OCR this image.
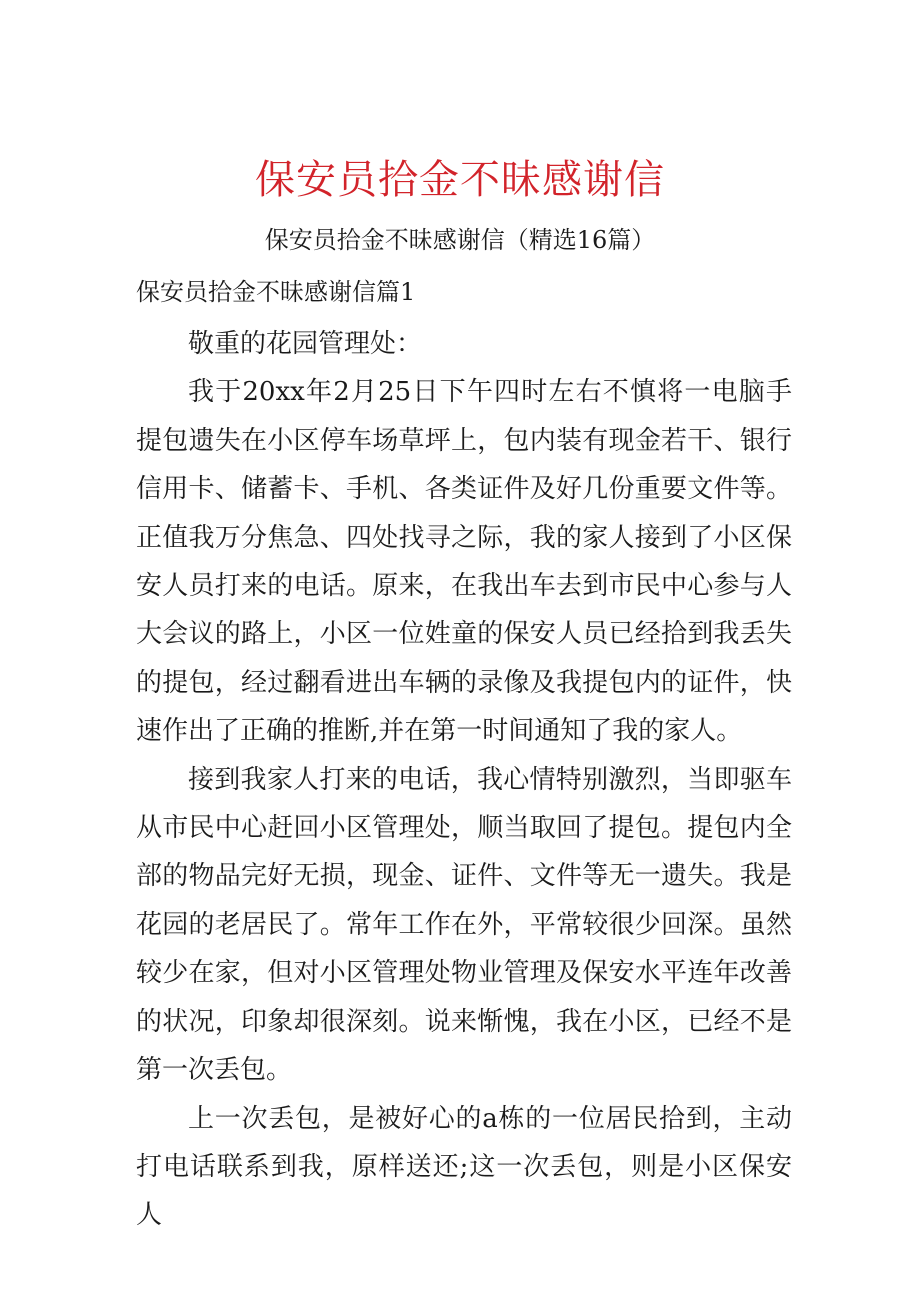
保安员拾金不昧感谢信
保安员拾金不昧感谢信（精选16篇）
保安员拾金不昧感谢信篇1

敬重的花园管理处：

我于20xx年2月25日下午四时左右不慎将一电脑手提包遗失在小区停车场草坪上，包内装有现金若干、银行信用卡、储蓄卡、手机、各类证件及好几份重要文件等。正值我万分焦急、四处找寻之际，我的家人接到了小区保安人员打来的电话。原来，在我出车去到市民中心参与人大会议的路上，小区一位姓童的保安人员已经拾到我丢失的提包，经过翻看进出车辆的录像及我提包内的证件，快速作出了正确的推断,并在第一时间通知了我的家人。

接到我家人打来的电话，我心情特别激烈，当即驱车从市民中心赶回小区管理处，顺当取回了提包。提包内全部的物品完好无损，现金、证件、文件等无一遗失。我是花园的老居民了。常年工作在外，平常较很少回深。虽然较少在家，但对小区管理处物业管理及保安水平连年改善的状况，印象却很深刻。说来惭愧，我在小区，已经不是第一次丢包。

上一次丢包，是被好心的a栋的一位居民拾到，主动打电话联系到我，原样送还;这一次丢包，则是小区保安人
